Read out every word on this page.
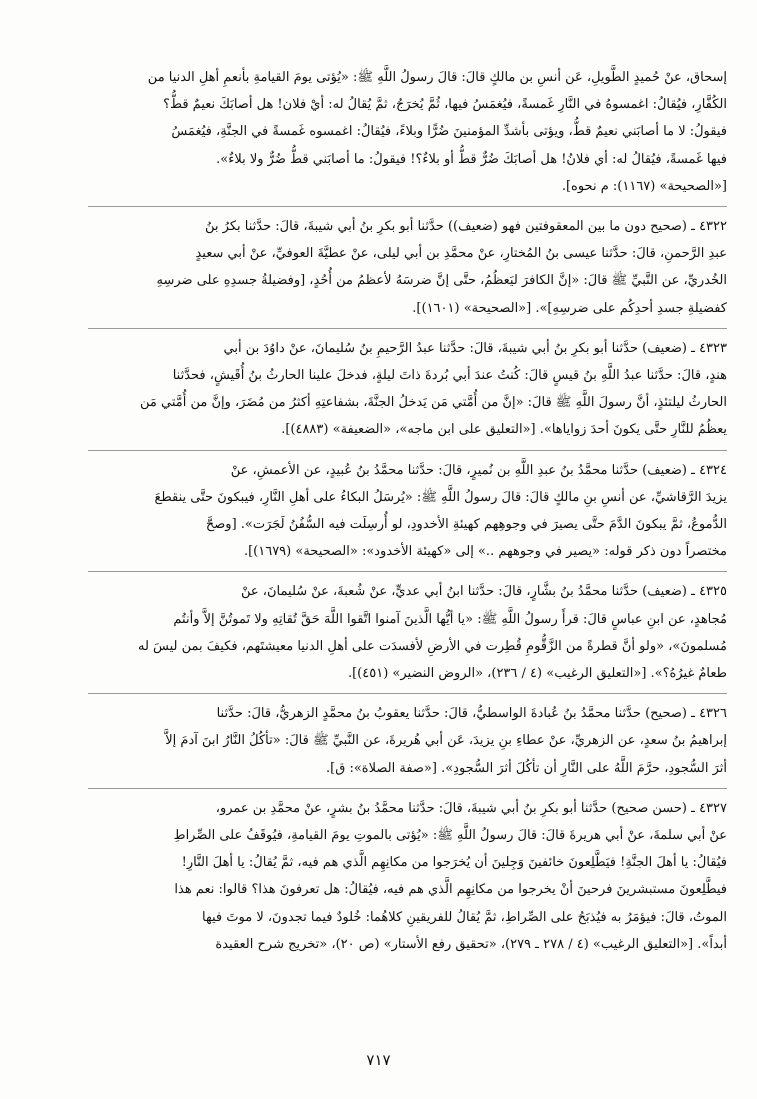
إسحاق، عنْ حُميدٍ الطَّويلِ، عَن أنسِ بن مالكٍ قالَ: قالَ رسولُ اللَّهِ ﷺ: «يُؤتى يومَ القيامةِ بأنعمِ أهلِ الدنيا من

الكُفَّارِ، فيُقالُ: اغمسوهُ في النَّارِ غَمسةً، فيُغمَسُ فيها، ثُمَّ يُخرَجُ، ثمَّ يُقالُ له: أيْ فلان! هل أصابَكَ نعيمٌ قطُّ؟

فيقولُ: لا ما أصابَني نعيمٌ قطُّ، ويؤتى بأشدِّ المؤمنينَ ضُرًّا وبلاءً، فيُقالُ: اغمسوه غَمسةً في الجنَّةِ، فيُغمَسُ

فيها غَمسةً، فيُقالُ له: أي فلانُ! هل أصابَكَ ضُرٌّ قطُّ أو بلاءٌ؟! فيقولُ: ما أصابَني قطُّ ضُرٌّ ولا بلاءٌ».

[«الصحيحة» (١١٦٧): م نحوه].

٤٣٢٢ ـ (صحيح دون ما بين المعقوفتين فهو (ضعيف)) حدَّثنا أبو بكرِ بنُ أبي شيبةَ، قالَ: حدَّثنا بكرُ بنُ

عبدِ الرَّحمنِ، قالَ: حدَّثنا عيسى بنُ المُختارِ، عنْ محمَّدِ بن أبي ليلى، عنْ عطيَّةَ العوفيِّ، عنْ أبي سعيدٍ

الخُدريِّ، عن النَّبيِّ ﷺ قالَ: «إنَّ الكافرَ ليَعظُمُ، حتَّى إنَّ ضرسَهُ لأعظمُ من أُحُدٍ، [وفضيلةُ جسدِهِ على ضرسِهِ

كفضيلةِ جسدِ أحدِكُم على ضرسِهِ]». [«الصحيحة» (١٦٠١)].

٤٣٢٣ ـ (ضعيف) حدَّثنا أبو بكرِ بنُ أبي شيبةَ، قالَ: حدَّثنا عبدُ الرَّحيمِ بنُ سُليمانَ، عنْ داوُدَ بن أبي

هندٍ، قالَ: حدَّثنا عبدُ اللَّهِ بنُ قيسٍ قالَ: كُنتُ عندَ أبي بُردةَ ذاتَ ليلةٍ، فدخلَ علينا الحارثُ بنُ أُقَيشٍ، فحدَّثنا

الحارثُ ليلتئذٍ، أنَّ رسولَ اللَّهِ ﷺ قالَ: «إنَّ من أُمَّتي مَن يَدخلُ الجنَّةَ، بشفاعتِهِ أكثرُ من مُضَرَ، وإنَّ من أُمَّتي مَن

يعظُمُ للنَّارِ حتَّى يكونَ أحدَ زواياها». [«التعليق على ابن ماجه»، «الضعيفة» (٤٨٨٣)].

٤٣٢٤ ـ (ضعيف) حدَّثنا محمَّدُ بنُ عبدِ اللَّهِ بن نُميرٍ، قالَ: حدَّثنا محمَّدُ بنُ عُبيدٍ، عن الأعمشِ، عنْ

يزيدَ الرَّقاشيِّ، عن أنسِ بنِ مالكٍ قالَ: قالَ رسولُ اللَّهِ ﷺ: «يُرسَلُ البكاءُ على أهلِ النَّارِ، فيبكونَ حتَّى ينقطعَ

الدُّموعُ، ثمَّ يبكونَ الدَّمَ حتَّى يصيرَ في وجوهِهم كهيئةِ الأخدودِ، لو أُرسِلَت فيه السُّفُنُ لَجَرَت». [وصحَّ

مختصراً دون ذكر قوله: «يصير في وجوههم ..» إلى «كهيئة الأخدود»: «الصحيحة» (١٦٧٩)].

٤٣٢٥ ـ (ضعيف) حدَّثنا محمَّدُ بنُ بشَّارٍ، قالَ: حدَّثنا ابنُ أبي عديٍّ، عنْ شُعبةَ، عنْ سُليمانَ، عنْ

مُجاهدٍ، عن ابنِ عباسٍ قالَ: قرأَ رسولُ اللَّهِ ﷺ: «يا أيُّها الَّذينَ آمنوا اتَّقوا اللَّهَ حَقَّ تُقاتِهِ ولا تَموتُنَّ إلاَّ وأنتُم

مُسلمونَ»، «ولو أنَّ قطرةً من الزَّقُّومِ قُطِرت في الأرضِ لأفسدَت على أهلِ الدنيا معيشتَهم، فكيفَ بمن ليسَ له

طعامٌ غيرُهُ؟». [«التعليق الرغيب» (٤ / ٢٣٦)، «الروض النضير» (٤٥١)].

٤٣٢٦ ـ (صحيح) حدَّثنا محمَّدُ بنُ عُبادةَ الواسطيُّ، قالَ: حدَّثنا يعقوبُ بنُ محمَّدٍ الزهريُّ، قالَ: حدَّثنا

إبراهيمُ بنُ سعدٍ، عن الزهريِّ، عنْ عطاءِ بنِ يزيدَ، عَن أبي هُريرةَ، عن النَّبيِّ ﷺ قالَ: «تأكُلُ النَّارُ ابنَ آدمَ إلاَّ

أثرَ السُّجودِ، حرَّمَ اللَّهُ على النَّارِ أن تأكُلَ أثرَ السُّجودِ». [«صفة الصلاة»: ق].

٤٣٢٧ ـ (حسن صحيح) حدَّثنا أبو بكرِ بنُ أبي شيبةَ، قالَ: حدَّثنا محمَّدُ بنُ بشرٍ، عنْ محمَّدِ بن عمرو،

عنْ أبي سلمةَ، عنْ أبي هريرةَ قالَ: قالَ رسولُ اللَّهِ ﷺ: «يُؤتى بالموتِ يومَ القيامةِ، فيُوقَفُ على الصِّراطِ

فيُقالُ: يا أهلَ الجنَّةِ! فيَطَّلِعونَ خائفينَ وَجِلينَ أن يُخرَجوا من مكانِهِم الَّذي هم فيه، ثمَّ يُقالُ: يا أهلَ النَّارِ!

فيطَّلِعونَ مستبشرينَ فرحينَ أنْ يخرجوا من مكانِهِم الَّذي هم فيه، فيُقالُ: هل تعرفونَ هذا؟ قالوا: نعم هذا

الموتُ، قالَ: فيؤمَرُ به فيُذبَحُ على الصِّراطِ، ثمَّ يُقالُ للفريقينِ كلاهُما: خُلودٌ فيما تجدونَ، لا موتَ فيها

أبداً». [«التعليق الرغيب» (٤ / ٢٧٨ ـ ٢٧٩)، «تحقيق رفع الأستار» (ص ٢٠)، «تخريج شرح العقيدة

٧١٧
